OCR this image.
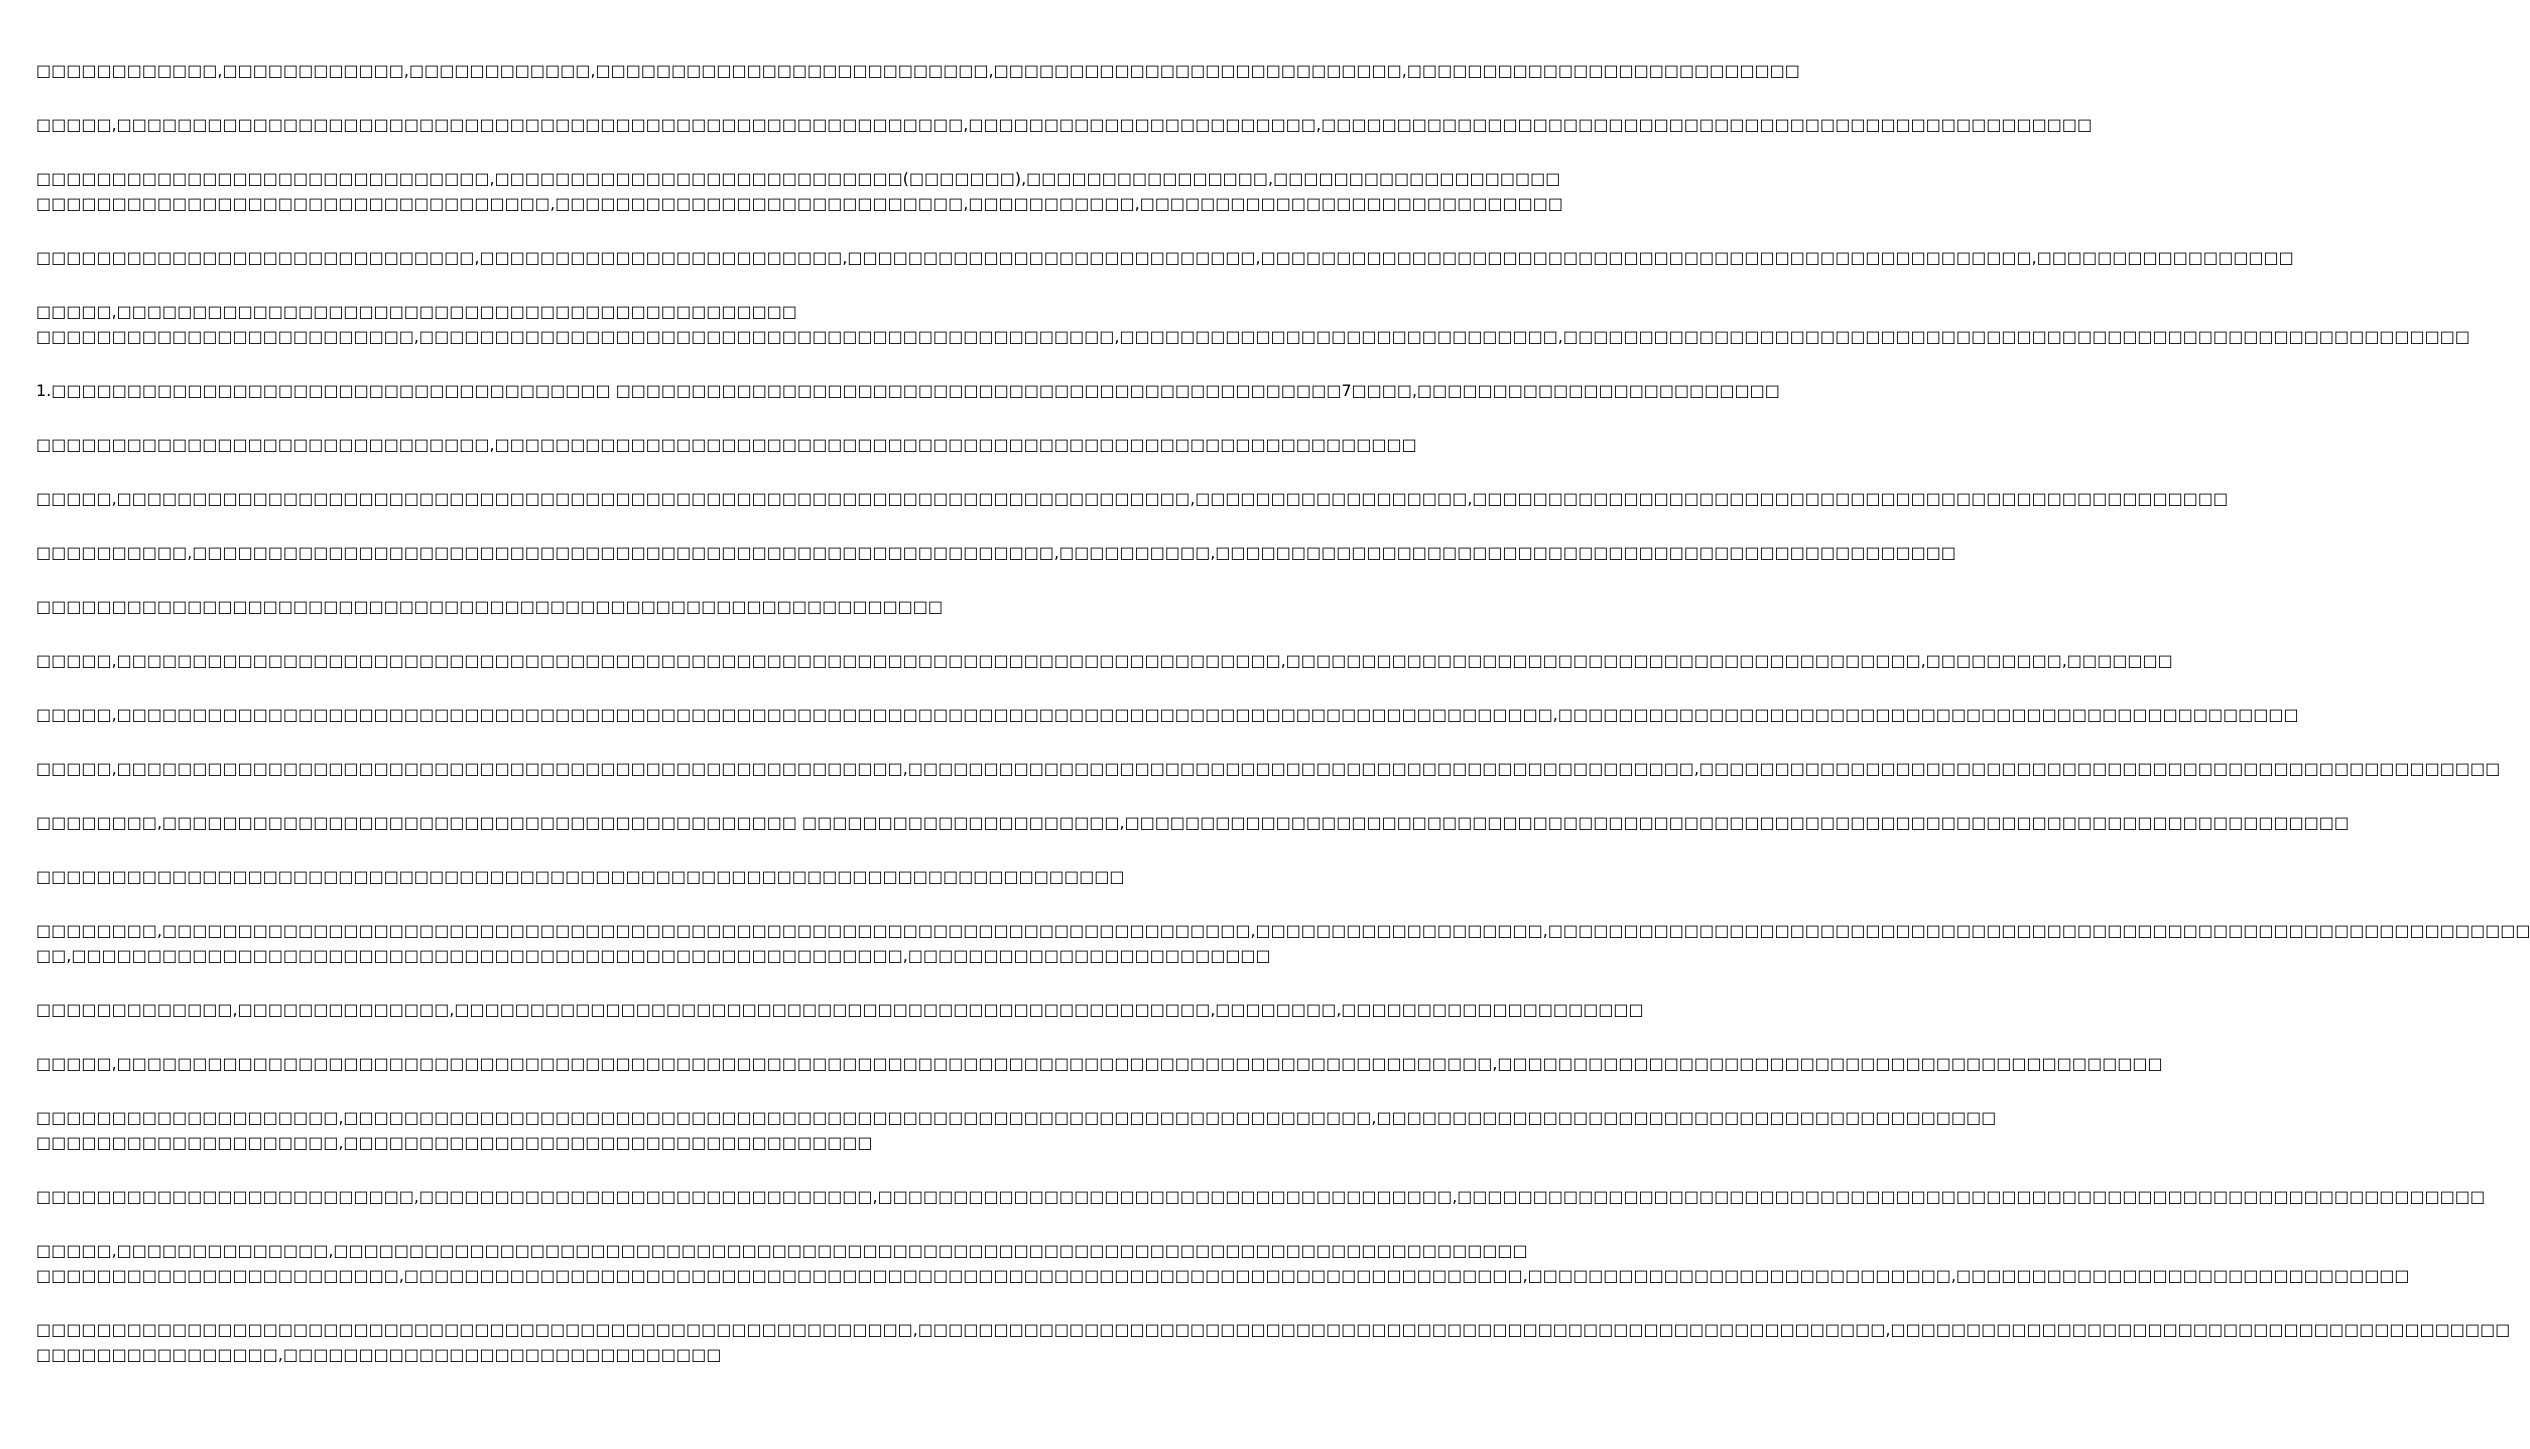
□□□□□□□□□□□□,□□□□□□□□□□□□,□□□□□□□□□□□□,□□□□□□□□□□□□□□□□□□□□□□□□□□,□□□□□□□□□□□□□□□□□□□□□□□□□□□,□□□□□□□□□□□□□□□□□□□□□□□□□□
□□□□□,□□□□□□□□□□□□□□□□□□□□□□□□□□□□□□□□□□□□□□□□□□□□□□□□□□□□□□□□,□□□□□□□□□□□□□□□□□□□□□□□,□□□□□□□□□□□□□□□□□□□□□□□□□□□□□□□□□□□□□□□□□□□□□□□□□□□
□□□□□□□□□□□□□□□□□□□□□□□□□□□□□□,□□□□□□□□□□□□□□□□□□□□□□□□□□□(□□□□□□□),□□□□□□□□□□□□□□□□,□□□□□□□□□□□□□□□□□□□
□□□□□□□□□□□□□□□□□□□□□□□□□□□□□□□□□□,□□□□□□□□□□□□□□□□□□□□□□□□□□□,□□□□□□□□□□□,□□□□□□□□□□□□□□□□□□□□□□□□□□□□
□□□□□□□□□□□□□□□□□□□□□□□□□□□□□,□□□□□□□□□□□□□□□□□□□□□□□□,□□□□□□□□□□□□□□□□□□□□□□□□□□□,□□□□□□□□□□□□□□□□□□□□□□□□□□□□□□□□□□□□□□□□□□□□□□□□□□□,□□□□□□□□□□□□□□□□□
□□□□□,□□□□□□□□□□□□□□□□□□□□□□□□□□□□□□□□□□□□□□□□□□□□□
□□□□□□□□□□□□□□□□□□□□□□□□□,□□□□□□□□□□□□□□□□□□□□□□□□□□□□□□□□□□□□□□□□□□□□□□,□□□□□□□□□□□□□□□□□□□□□□□□□□□□□,□□□□□□□□□□□□□□□□□□□□□□□□□□□□□□□□□□□□□□□□□□□□□□□□□□□□□□□□□□□□
1.□□□□□□□□□□□□□□□□□□□□□□□□□□□□□□□□□□□□□ □□□□□□□□□□□□□□□□□□□□□□□□□□□□□□□□□□□□□□□□□□□□□□□□7□□□□,□□□□□□□□□□□□□□□□□□□□□□□□
□□□□□□□□□□□□□□□□□□□□□□□□□□□□□□,□□□□□□□□□□□□□□□□□□□□□□□□□□□□□□□□□□□□□□□□□□□□□□□□□□□□□□□□□□□□□
□□□□□,□□□□□□□□□□□□□□□□□□□□□□□□□□□□□□□□□□□□□□□□□□□□□□□□□□□□□□□□□□□□□□□□□□□□□□□,□□□□□□□□□□□□□□□□□□,□□□□□□□□□□□□□□□□□□□□□□□□□□□□□□□□□□□□□□□□□□□□□□□□□□
□□□□□□□□□□,□□□□□□□□□□□□□□□□□□□□□□□□□□□□□□□□□□□□□□□□□□□□□□□□□□□□□□□□□,□□□□□□□□□□,□□□□□□□□□□□□□□□□□□□□□□□□□□□□□□□□□□□□□□□□□□□□□□□□□
□□□□□□□□□□□□□□□□□□□□□□□□□□□□□□□□□□□□□□□□□□□□□□□□□□□□□□□□□□□□
□□□□□,□□□□□□□□□□□□□□□□□□□□□□□□□□□□□□□□□□□□□□□□□□□□□□□□□□□□□□□□□□□□□□□□□□□□□□□□□□□□□,□□□□□□□□□□□□□□□□□□□□□□□□□□□□□□□□□□□□□□□□□□,□□□□□□□□□,□□□□□□□
□□□□□,□□□□□□□□□□□□□□□□□□□□□□□□□□□□□□□□□□□□□□□□□□□□□□□□□□□□□□□□□□□□□□□□□□□□□□□□□□□□□□□□□□□□□□□□□□□□□□□,□□□□□□□□□□□□□□□□□□□□□□□□□□□□□□□□□□□□□□□□□□□□□□□□□
□□□□□,□□□□□□□□□□□□□□□□□□□□□□□□□□□□□□□□□□□□□□□□□□□□□□□□□□□□,□□□□□□□□□□□□□□□□□□□□□□□□□□□□□□□□□□□□□□□□□□□□□□□□□□□□,□□□□□□□□□□□□□□□□□□□□□□□□□□□□□□□□□□□□□□□□□□□□□□□□□□□□□
□□□□□□□□,□□□□□□□□□□□□□□□□□□□□□□□□□□□□□□□□□□□□□□□□□□ □□□□□□□□□□□□□□□□□□□□□,□□□□□□□□□□□□□□□□□□□□□□□□□□□□□□□□□□□□□□□□□□□□□□□□□□□□□□□□□□□□□□□□□□□□□□□□□□□□□□□□□
□□□□□□□□□□□□□□□□□□□□□□□□□□□□□□□□□□□□□□□□□□□□□□□□□□□□□□□□□□□□□□□□□□□□□□□□
□□□□□□□□,□□□□□□□□□□□□□□□□□□□□□□□□□□□□□□□□□□□□□□□□□□□□□□□□□□□□□□□□□□□□□□□□□□□□□□□□,□□□□□□□□□□□□□□□□□□□,□□□□□□□□□□□□□□□□□□□□□□□□□□□□□□□□□□□□□□□□□□□□□□□□□□□□□□□□□□□□□□□□□
□□,□□□□□□□□□□□□□□□□□□□□□□□□□□□□□□□□□□□□□□□□□□□□□□□□□□□□□□□,□□□□□□□□□□□□□□□□□□□□□□□□
□□□□□□□□□□□□□,□□□□□□□□□□□□□□,□□□□□□□□□□□□□□□□□□□□□□□□□□□□□□□□□□□□□□□□□□□□□□□□□□,□□□□□□□□,□□□□□□□□□□□□□□□□□□□□
□□□□□,□□□□□□□□□□□□□□□□□□□□□□□□□□□□□□□□□□□□□□□□□□□□□□□□□□□□□□□□□□□□□□□□□□□□□□□□□□□□□□□□□□□□□□□□□□□,□□□□□□□□□□□□□□□□□□□□□□□□□□□□□□□□□□□□□□□□□□□□
□□□□□□□□□□□□□□□□□□□□,□□□□□□□□□□□□□□□□□□□□□□□□□□□□□□□□□□□□□□□□□□□□□□□□□□□□□□□□□□□□□□□□□□□□,□□□□□□□□□□□□□□□□□□□□□□□□□□□□□□□□□□□□□□□□□
□□□□□□□□□□□□□□□□□□□□,□□□□□□□□□□□□□□□□□□□□□□□□□□□□□□□□□□□
□□□□□□□□□□□□□□□□□□□□□□□□□,□□□□□□□□□□□□□□□□□□□□□□□□□□□□□□,□□□□□□□□□□□□□□□□□□□□□□□□□□□□□□□□□□□□□□,□□□□□□□□□□□□□□□□□□□□□□□□□□□□□□□□□□□□□□□□□□□□□□□□□□□□□□□□□□□□□□□□□□□□
□□□□□,□□□□□□□□□□□□□□,□□□□□□□□□□□□□□□□□□□□□□□□□□□□□□□□□□□□□□□□□□□□□□□□□□□□□□□□□□□□□□□□□□□□□□□□□□□□□□□
□□□□□□□□□□□□□□□□□□□□□□□□,□□□□□□□□□□□□□□□□□□□□□□□□□□□□□□□□□□□□□□□□□□□□□□□□□□□□□□□□□□□□□□□□□□□□□□□□□□,□□□□□□□□□□□□□□□□□□□□□□□□□□□□,□□□□□□□□□□□□□□□□□□□□□□□□□□□□□□
□□□□□□□□□□□□□□□□□□□□□□□□□□□□□□□□□□□□□□□□□□□□□□□□□□□□□□□□□□,□□□□□□□□□□□□□□□□□□□□□□□□□□□□□□□□□□□□□□□□□□□□□□□□□□□□□□□□□□□□□□□□,□□□□□□□□□□□□□□□□□□□□□□□□□□□□□□□□□□□□□□□□□
□□□□□□□□□□□□□□□□,□□□□□□□□□□□□□□□□□□□□□□□□□□□□□
